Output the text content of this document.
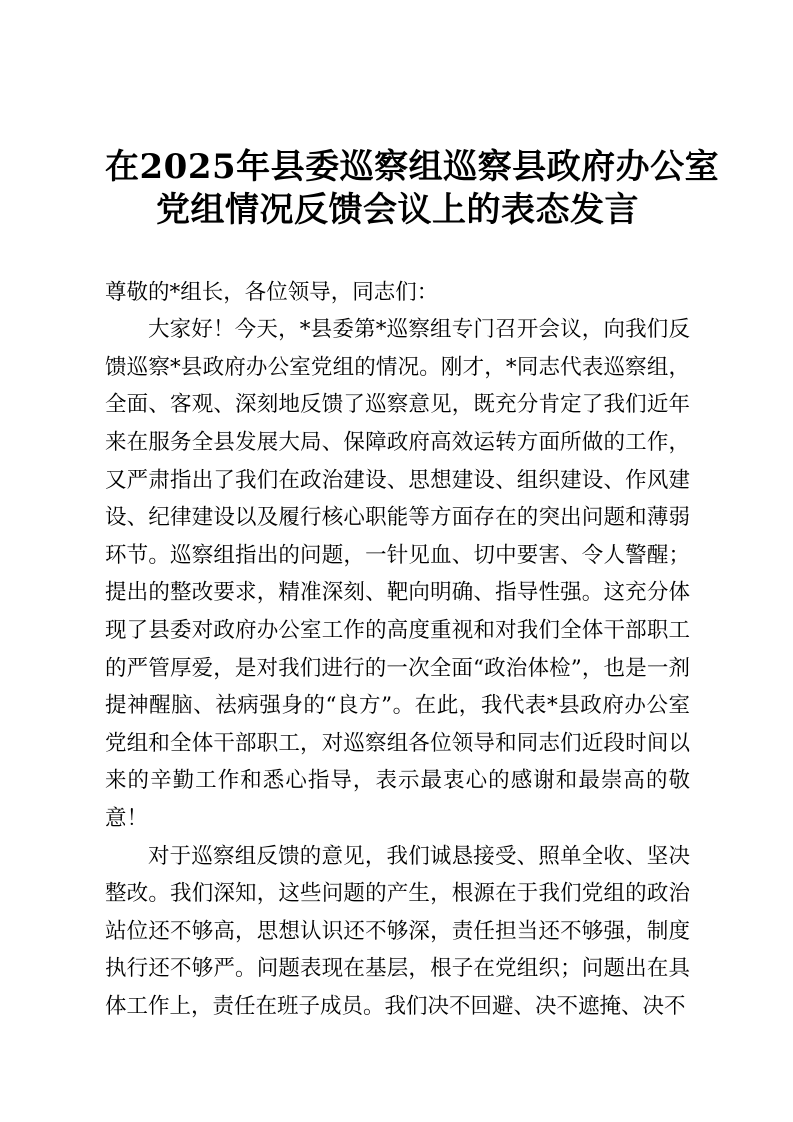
在2025年县委巡察组巡察县政府办公室
党组情况反馈会议上的表态发言

尊敬的*组长，各位领导，同志们：

大家好！今天，*县委第*巡察组专门召开会议，向我们反馈巡察*县政府办公室党组的情况。刚才，*同志代表巡察组，全面、客观、深刻地反馈了巡察意见，既充分肯定了我们近年来在服务全县发展大局、保障政府高效运转方面所做的工作，又严肃指出了我们在政治建设、思想建设、组织建设、作风建设、纪律建设以及履行核心职能等方面存在的突出问题和薄弱环节。巡察组指出的问题，一针见血、切中要害、令人警醒；提出的整改要求，精准深刻、靶向明确、指导性强。这充分体现了县委对政府办公室工作的高度重视和对我们全体干部职工的严管厚爱，是对我们进行的一次全面“政治体检”，也是一剂提神醒脑、祛病强身的“良方”。在此，我代表*县政府办公室党组和全体干部职工，对巡察组各位领导和同志们近段时间以来的辛勤工作和悉心指导，表示最衷心的感谢和最崇高的敬意！

对于巡察组反馈的意见，我们诚恳接受、照单全收、坚决整改。我们深知，这些问题的产生，根源在于我们党组的政治站位还不够高，思想认识还不够深，责任担当还不够强，制度执行还不够严。问题表现在基层，根子在党组织；问题出在具体工作上，责任在班子成员。我们决不回避、决不遮掩、决不
